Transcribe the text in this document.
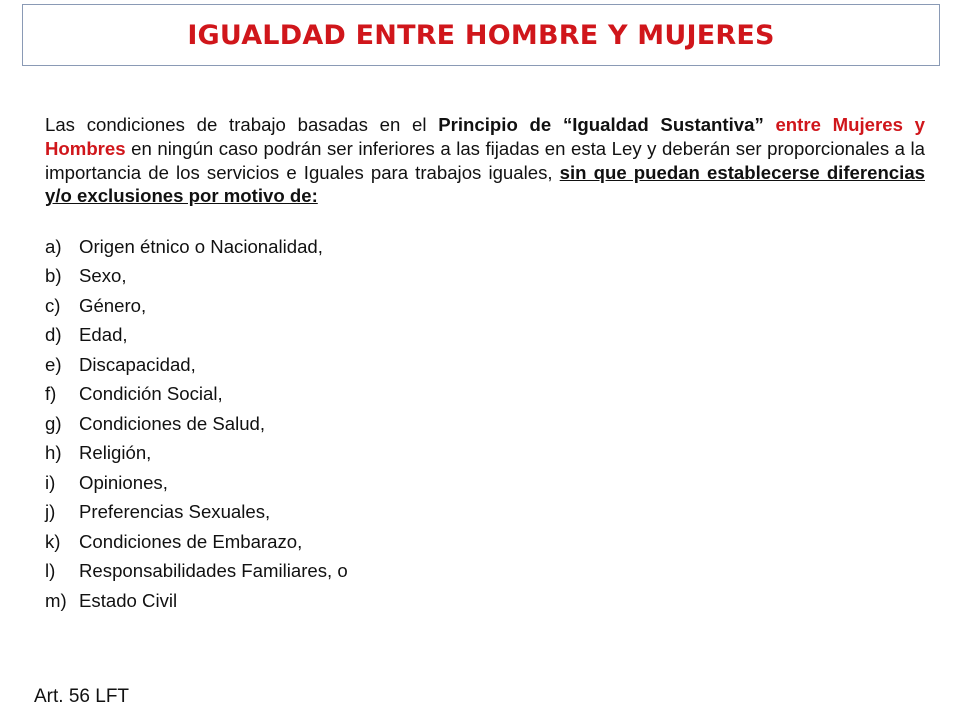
IGUALDAD ENTRE HOMBRE Y MUJERES

Las condiciones de trabajo basadas en el Principio de “Igualdad Sustantiva” entre Mujeres y Hombres en ningún caso podrán ser inferiores a las fijadas en esta Ley y deberán ser proporcionales a la importancia de los servicios e Iguales para trabajos iguales, sin que puedan establecerse diferencias y/o exclusiones por motivo de:

a) Origen étnico o Nacionalidad,
b) Sexo,
c) Género,
d) Edad,
e) Discapacidad,
f)	Condición Social,
g) Condiciones de Salud,
h) Religión,
i)	Opiniones,
j)	Preferencias Sexuales,
k) Condiciones de Embarazo,
l)	Responsabilidades Familiares, o
m) Estado Civil
Art. 56 LFT
